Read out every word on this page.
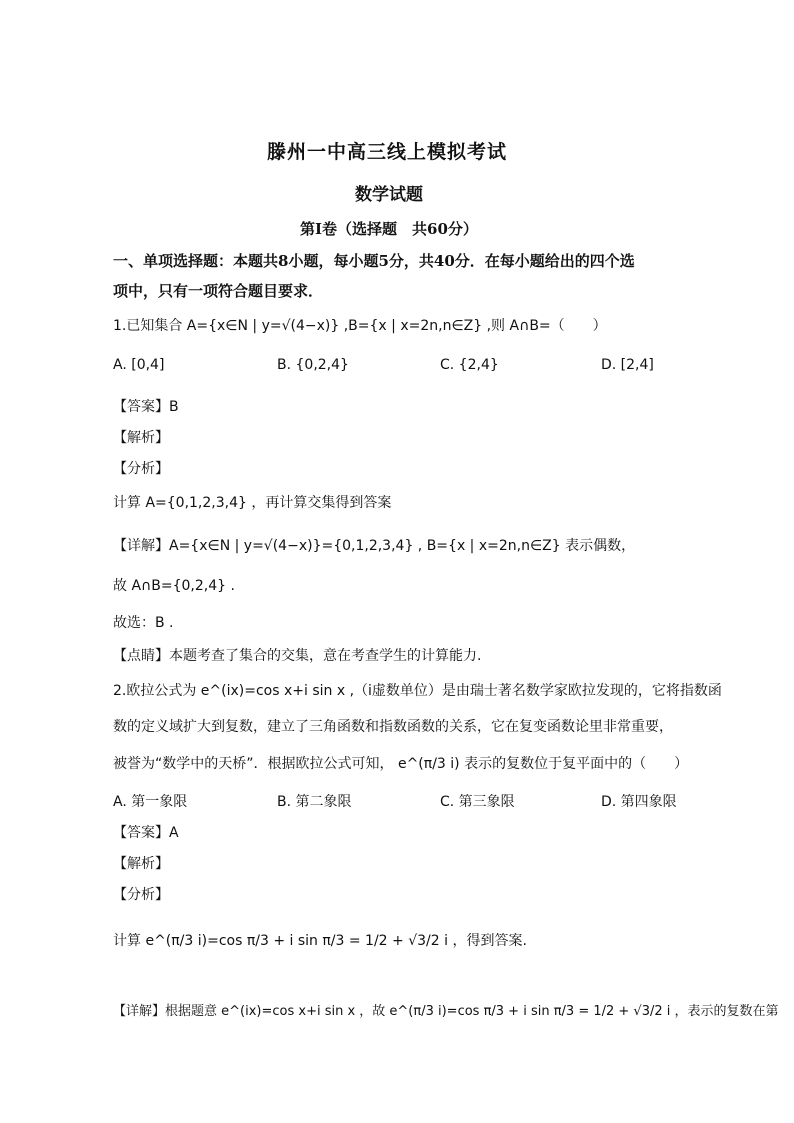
滕州一中高三线上模拟考试
数学试题
第Ⅰ卷（选择题　共60分）
一、单项选择题：本题共8小题，每小题5分，共40分．在每小题给出的四个选
项中，只有一项符合题目要求．
1.已知集合 A={x∈N | y=√(4−x)} ,B={x | x=2n,n∈Z} ,则 A∩B=（　　）
A. [0,4]	B. {0,2,4}	C. {2,4}	D. [2,4]
【答案】B
【解析】
【分析】
计算 A={0,1,2,3,4} ，再计算交集得到答案
【详解】A={x∈N | y=√(4−x)}={0,1,2,3,4} , B={x | x=2n,n∈Z} 表示偶数，
故 A∩B={0,2,4} .
故选：B .
【点睛】本题考查了集合的交集，意在考查学生的计算能力.
2.欧拉公式为 e^(ix)=cos x+i sin x ,（i虚数单位）是由瑞士著名数学家欧拉发现的，它将指数函
数的定义域扩大到复数，建立了三角函数和指数函数的关系，它在复变函数论里非常重要，
被誉为“数学中的天桥”．根据欧拉公式可知， e^(π/3 i) 表示的复数位于复平面中的（　　）
A. 第一象限	B. 第二象限	C. 第三象限	D. 第四象限
【答案】A
【解析】
【分析】
计算 e^(π/3 i)=cos π/3 + i sin π/3 = 1/2 + √3/2 i ，得到答案.
【详解】根据题意 e^(ix)=cos x+i sin x ，故 e^(π/3 i)=cos π/3 + i sin π/3 = 1/2 + √3/2 i ，表示的复数在第
